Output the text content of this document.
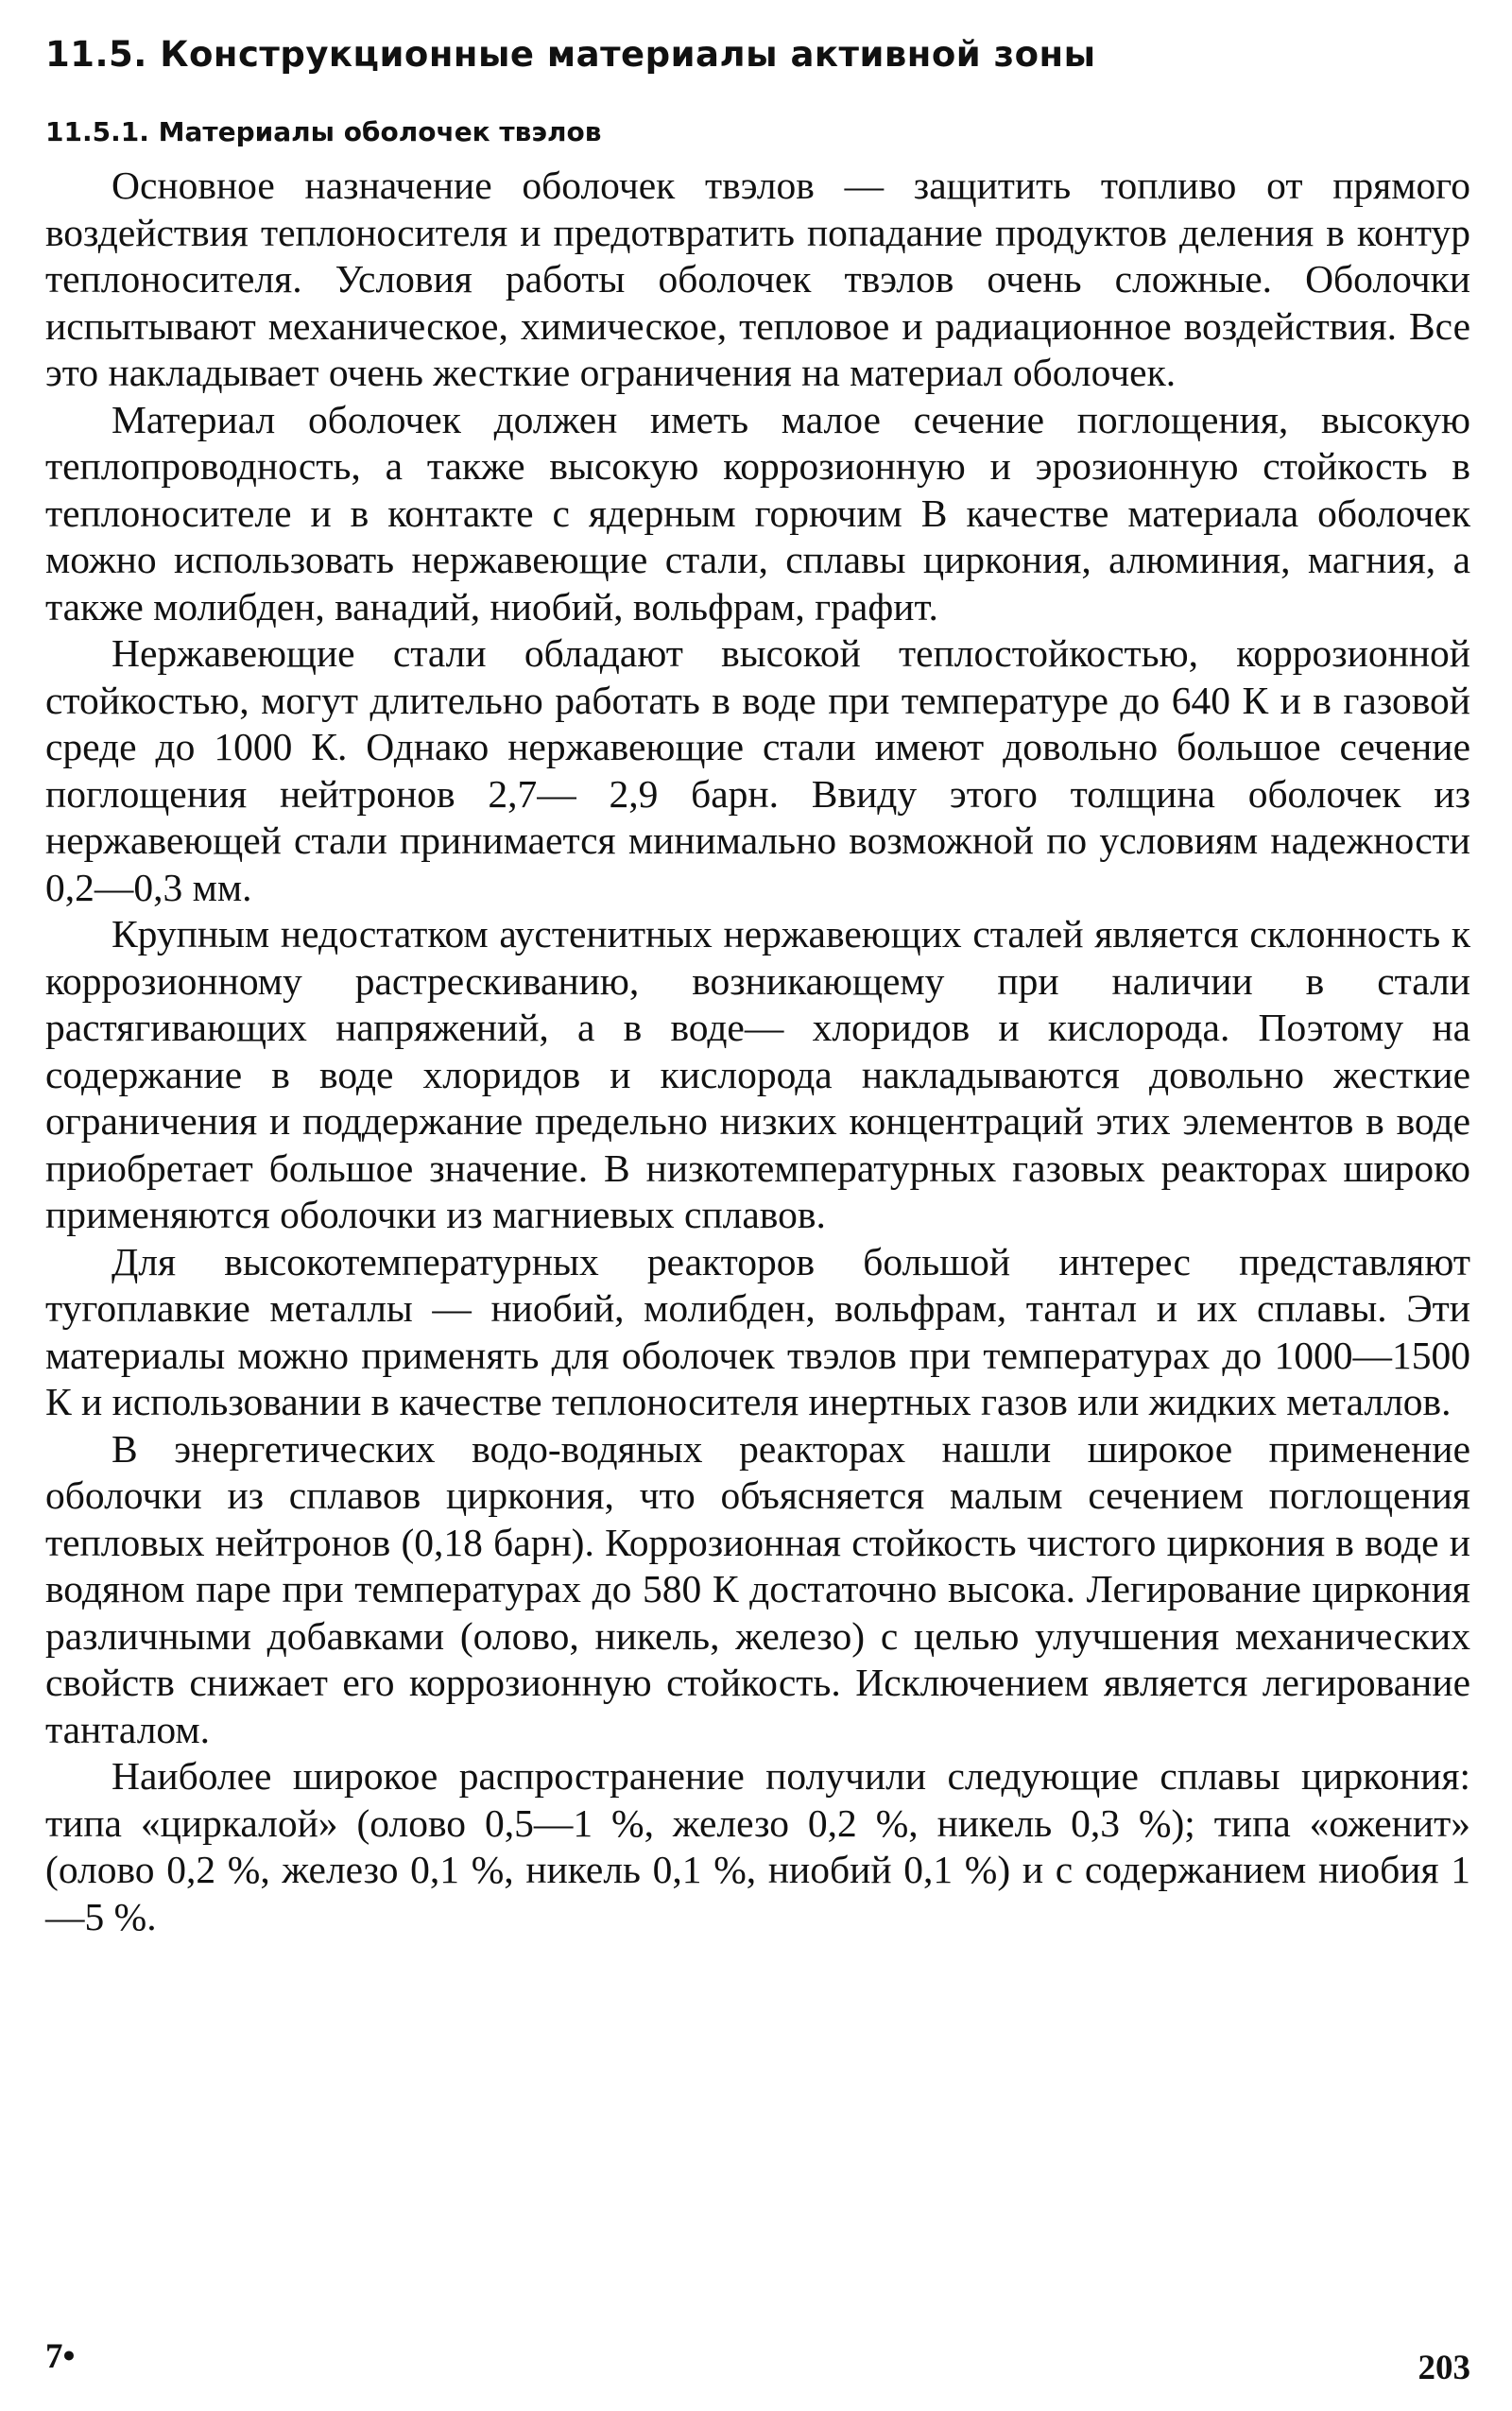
11.5. Конструкционные материалы активной зоны
11.5.1. Материалы оболочек твэлов

Основное назначение оболочек твэлов — защитить топливо от прямого воздействия теплоносителя и предотвратить попадание продуктов деления в контур теплоносителя. Условия работы оболочек твэлов очень сложные. Оболочки испытывают механическое, химическое, тепловое и радиационное воздействия. Все это накладывает очень жесткие ограничения на материал оболочек.

Материал оболочек должен иметь малое сечение поглощения, высокую теплопроводность, а также высокую коррозионную и эрозионную стойкость в теплоносителе и в контакте с ядерным горючим В качестве материала оболочек можно использовать нержавеющие стали, сплавы циркония, алюминия, магния, а также молибден, ванадий, ниобий, вольфрам, графит.

Нержавеющие стали обладают высокой теплостойкостью, коррозионной стойкостью, могут длительно работать в воде при температуре до 640 К и в газовой среде до 1000 К. Однако нержавеющие стали имеют довольно большое сечение поглощения нейтронов 2,7— 2,9 барн. Ввиду этого толщина оболочек из нержавеющей стали принимается минимально возможной по условиям надежности 0,2—0,3 мм.

Крупным недостатком аустенитных нержавеющих сталей является склонность к коррозионному растрескиванию, возникающему при наличии в стали растягивающих напряжений, а в воде— хлоридов и кислорода. Поэтому на содержание в воде хлоридов и кислорода накладываются довольно жесткие ограничения и поддержание предельно низких концентраций этих элементов в воде приобретает большое значение. В низкотемпературных газовых реакторах широко применяются оболочки из магниевых сплавов.

Для высокотемпературных реакторов большой интерес представляют тугоплавкие металлы — ниобий, молибден, вольфрам, тантал и их сплавы. Эти материалы можно применять для оболочек твэлов при температурах до 1000—1500 К и использовании в качестве теплоносителя инертных газов или жидких металлов.

В энергетических водо-водяных реакторах нашли широкое применение оболочки из сплавов циркония, что объясняется малым сечением поглощения тепловых нейтронов (0,18 барн). Коррозионная стойкость чистого циркония в воде и водяном паре при температурах до 580 К достаточно высока. Легирование циркония различными добавками (олово, никель, железо) с целью улучшения механических свойств снижает его коррозионную стойкость. Исключением является легирование танталом.

Наиболее широкое распространение получили следующие сплавы циркония: типа «циркалой» (олово 0,5—1 %, железо 0,2 %, никель 0,3 %); типа «оженит» (олово 0,2 %, железо 0,1 %, никель 0,1 %, ниобий 0,1 %) и с содержанием ниобия 1—5 %.

7•	203
